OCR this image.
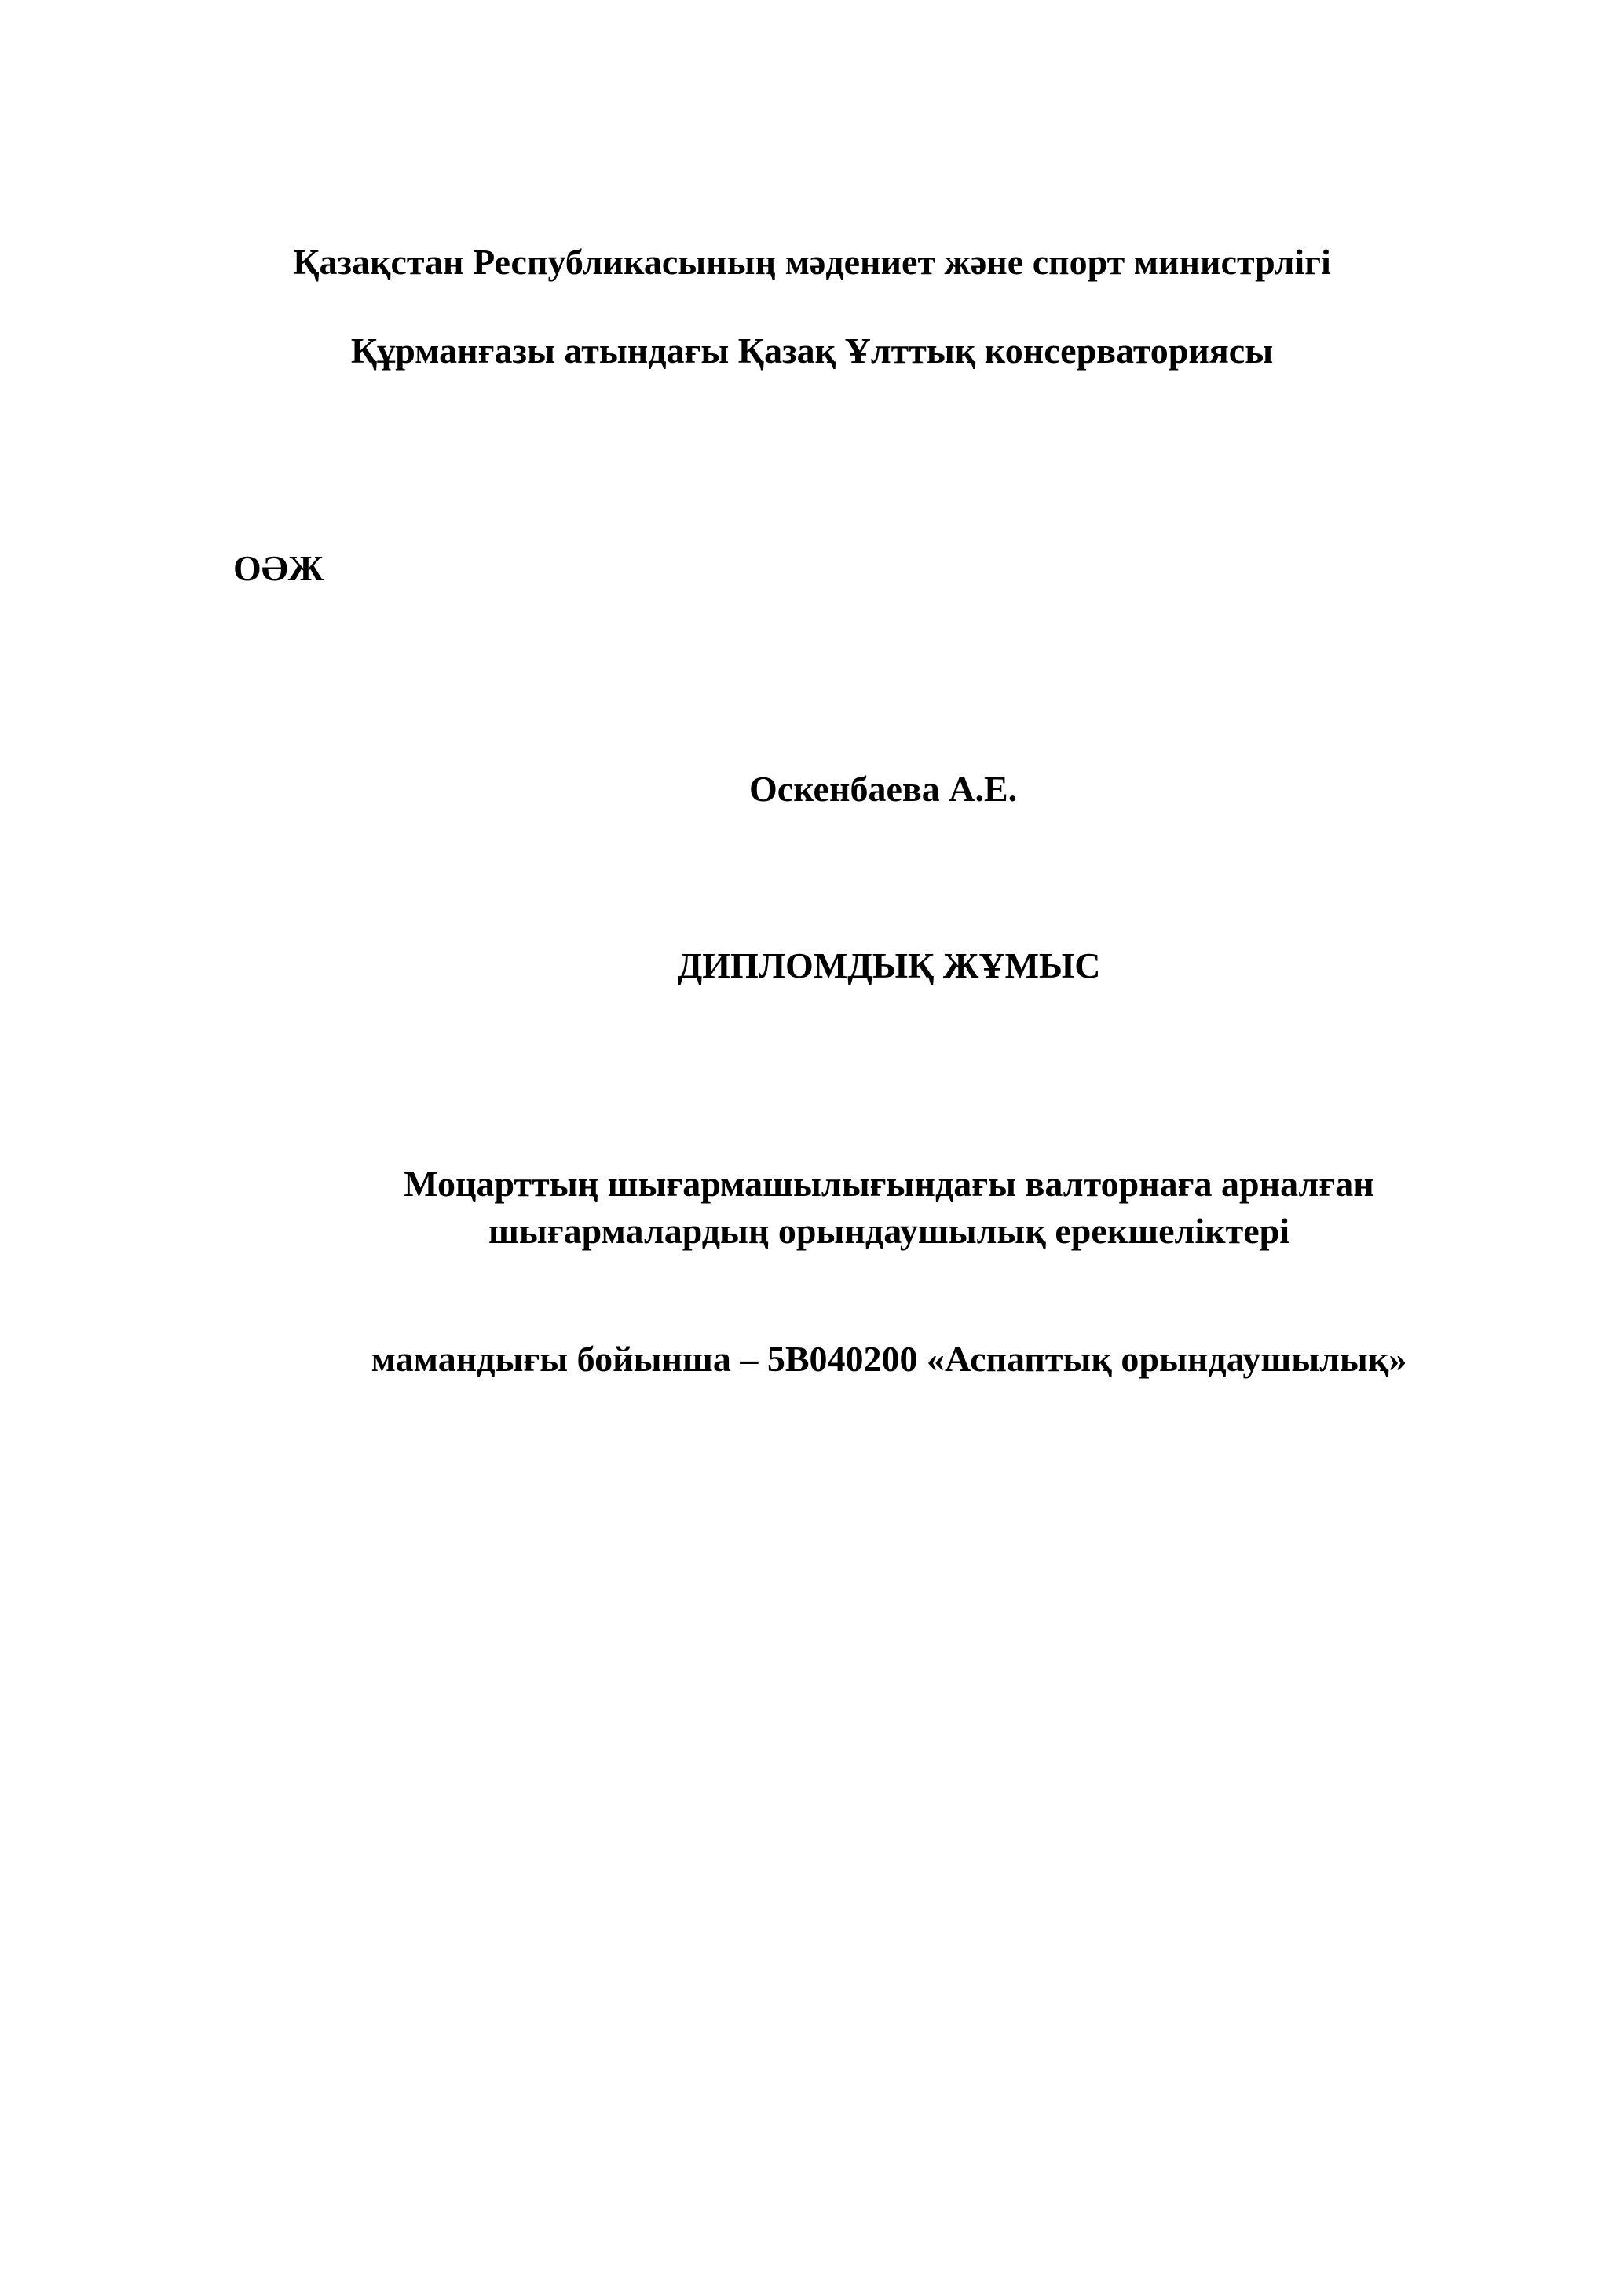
Қазақстан Республикасының мәдениет және спорт министрлігі

Құрманғазы атындағы Қазақ Ұлттық консерваториясы

ОӘЖ

Оскенбаева А.Е.

ДИПЛОМДЫҚ ЖҰМЫС

Моцарттың шығармашылығындағы валторнаға арналған

шығармалардың орындаушылық ерекшеліктері

мамандығы бойынша – 5В040200 «Аспаптық орындаушылық»
